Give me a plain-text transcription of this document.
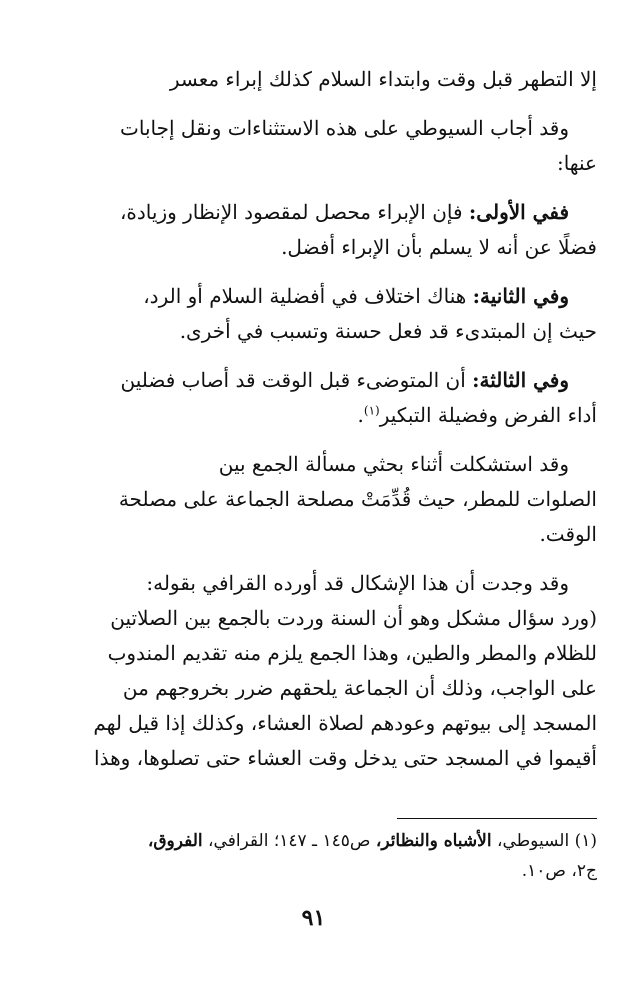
إلا التطهر قبل وقت وابتداء السلام كذلك إبراء معسر

وقد أجاب السيوطي على هذه الاستثناءات ونقل إجابات

عنها:

ففي الأولى: فإن الإبراء محصل لمقصود الإنظار وزيادة،

فضلًا عن أنه لا يسلم بأن الإبراء أفضل.

وفي الثانية: هناك اختلاف في أفضلية السلام أو الرد،

حيث إن المبتدىء قد فعل حسنة وتسبب في أخرى.

وفي الثالثة: أن المتوضىء قبل الوقت قد أصاب فضلين

أداء الفرض وفضيلة التبكير$^{(١)}$.

وقد استشكلت أثناء بحثي مسألة الجمع بين

الصلوات للمطر، حيث قُدِّمَتْ مصلحة الجماعة على مصلحة

الوقت.

وقد وجدت أن هذا الإشكال قد أورده القرافي بقوله:

(ورد سؤال مشكل وهو أن السنة وردت بالجمع بين الصلاتين

للظلام والمطر والطين، وهذا الجمع يلزم منه تقديم المندوب

على الواجب، وذلك أن الجماعة يلحقهم ضرر بخروجهم من

المسجد إلى بيوتهم وعودهم لصلاة العشاء، وكذلك إذا قيل لهم

أقيموا في المسجد حتى يدخل وقت العشاء حتى تصلوها، وهذا

(١) السيوطي، الأشباه والنظائر، ص١٤٥ ـ ١٤٧؛ القرافي، الفروق،
ج٢، ص١٠.
٩١
